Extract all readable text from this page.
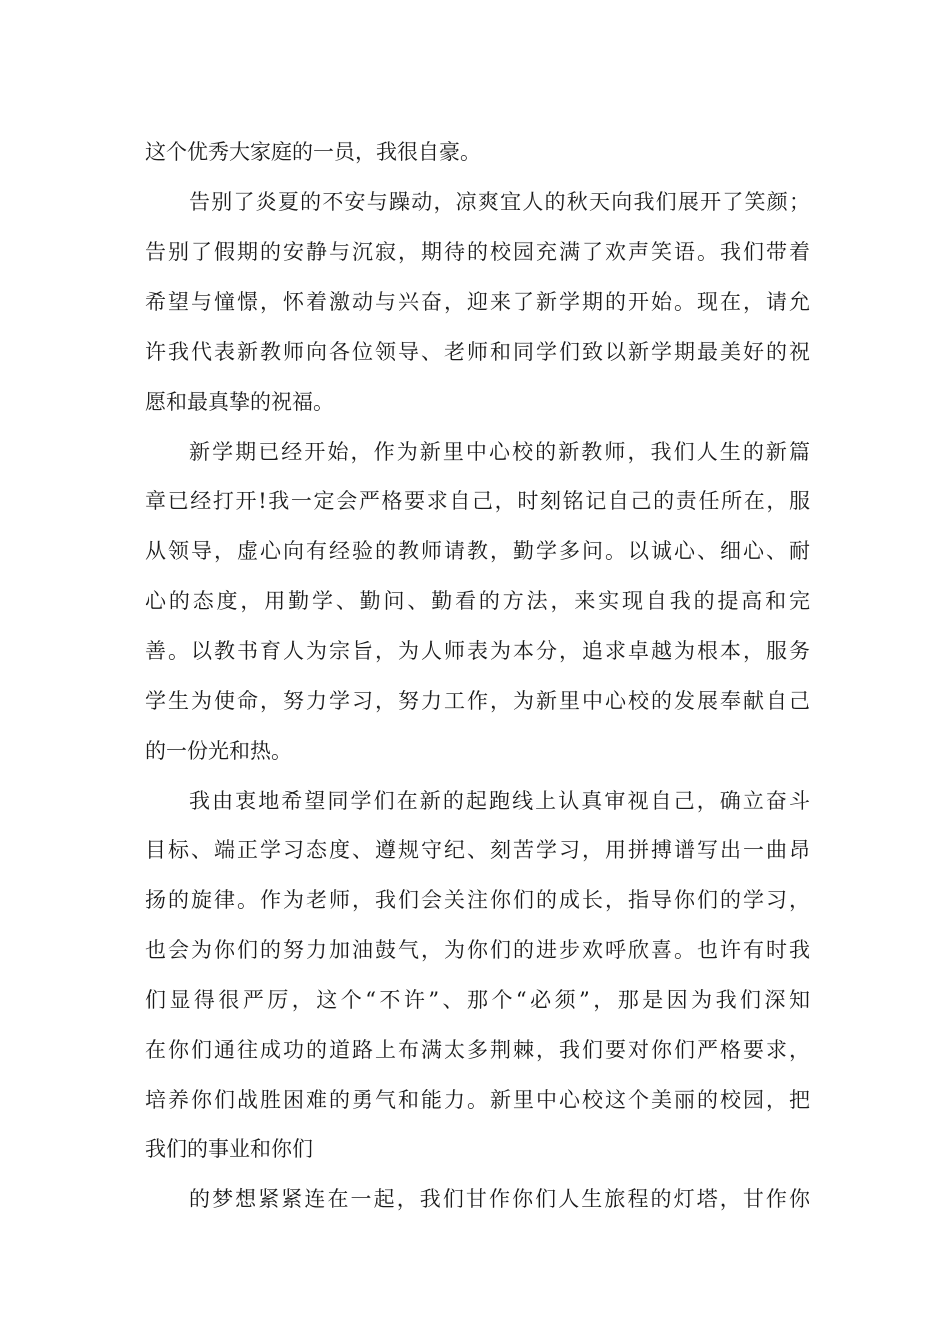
这个优秀大家庭的一员，我很自豪。

告别了炎夏的不安与躁动，凉爽宜人的秋天向我们展开了笑颜；

告别了假期的安静与沉寂，期待的校园充满了欢声笑语。我们带着

希望与憧憬，怀着激动与兴奋，迎来了新学期的开始。现在，请允

许我代表新教师向各位领导、老师和同学们致以新学期最美好的祝

愿和最真挚的祝福。

新学期已经开始，作为新里中心校的新教师，我们人生的新篇

章已经打开!我一定会严格要求自己，时刻铭记自己的责任所在，服

从领导，虚心向有经验的教师请教，勤学多问。以诚心、细心、耐

心的态度，用勤学、勤问、勤看的方法，来实现自我的提高和完

善。以教书育人为宗旨，为人师表为本分，追求卓越为根本，服务

学生为使命，努力学习，努力工作，为新里中心校的发展奉献自己

的一份光和热。

我由衷地希望同学们在新的起跑线上认真审视自己，确立奋斗

目标、端正学习态度、遵规守纪、刻苦学习，用拼搏谱写出一曲昂

扬的旋律。作为老师，我们会关注你们的成长，指导你们的学习，

也会为你们的努力加油鼓气，为你们的进步欢呼欣喜。也许有时我

们显得很严厉，这个“不许”、那个“必须”，那是因为我们深知

在你们通往成功的道路上布满太多荆棘，我们要对你们严格要求，

培养你们战胜困难的勇气和能力。新里中心校这个美丽的校园，把

我们的事业和你们

的梦想紧紧连在一起，我们甘作你们人生旅程的灯塔，甘作你
